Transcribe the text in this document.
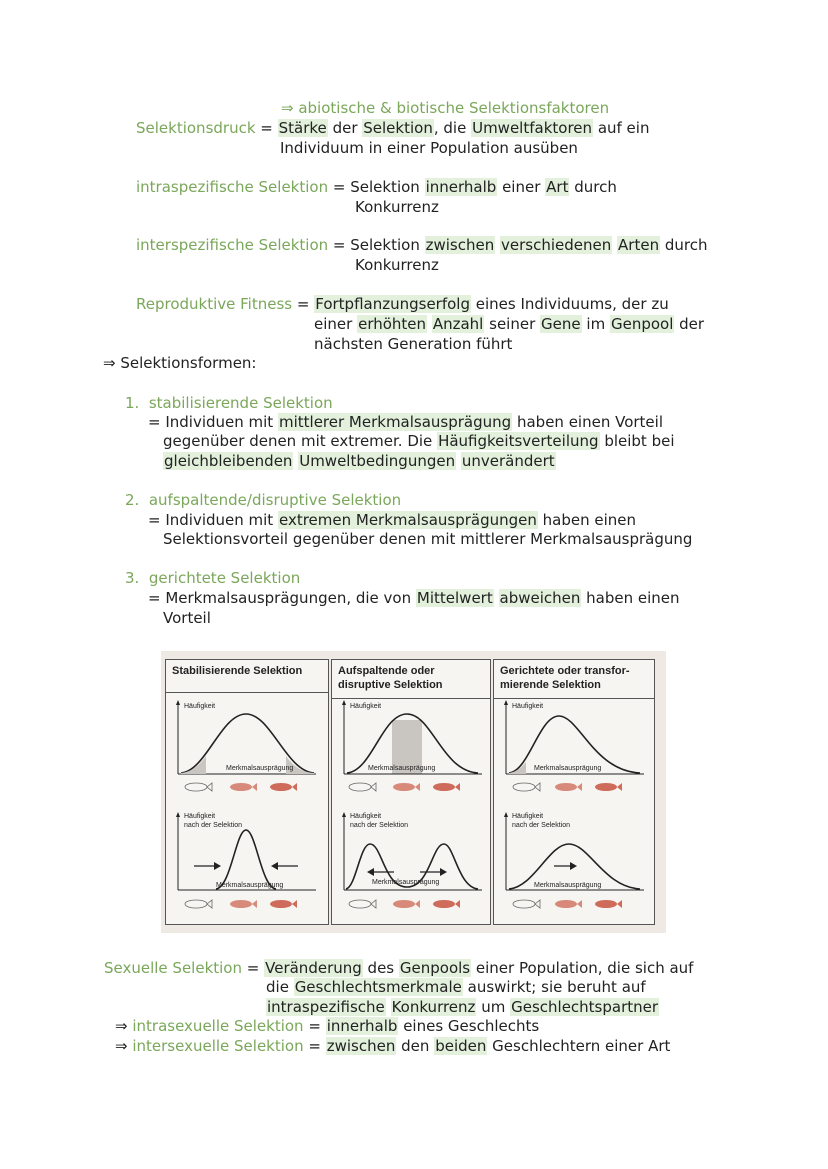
⇒ abiotische & biotische Selektionsfaktoren
Selektionsdruck = Stärke der Selektion, die Umweltfaktoren auf ein
Individuum in einer Population ausüben
intraspezifische Selektion = Selektion innerhalb einer Art durch
Konkurrenz
interspezifische Selektion = Selektion zwischen verschiedenen Arten durch
Konkurrenz
Reproduktive Fitness = Fortpflanzungserfolg eines Individuums, der zu
einer erhöhten Anzahl seiner Gene im Genpool der
nächsten Generation führt
⇒ Selektionsformen:
1. stabilisierende Selektion
= Individuen mit mittlerer Merkmalsausprägung haben einen Vorteil
gegenüber denen mit extremer. Die Häufigkeitsverteilung bleibt bei
gleichbleibenden Umweltbedingungen unverändert
2. aufspaltende/disruptive Selektion
= Individuen mit extremen Merkmalsausprägungen haben einen
Selektionsvorteil gegenüber denen mit mittlerer Merkmalsausprägung
3. gerichtete Selektion
= Merkmalsausprägungen, die von Mittelwert abweichen haben einen
Vorteil
Stabilisierende Selektion
Häufigkeit
Merkmalsausprägung
Häufigkeit
nach der Selektion
Merkmalsausprägung
Aufspaltende oder
disruptive Selektion
Häufigkeit
Merkmalsausprägung
Häufigkeit
nach der Selektion
Merkmalsausprägung
Gerichtete oder transfor-
mierende Selektion
Häufigkeit
Merkmalsausprägung
Häufigkeit
nach der Selektion
Merkmalsausprägung
Sexuelle Selektion = Veränderung des Genpools einer Population, die sich auf
die Geschlechtsmerkmale auswirkt; sie beruht auf
intraspezifische Konkurrenz um Geschlechtspartner
⇒ intrasexuelle Selektion = innerhalb eines Geschlechts
⇒ intersexuelle Selektion = zwischen den beiden Geschlechtern einer Art
